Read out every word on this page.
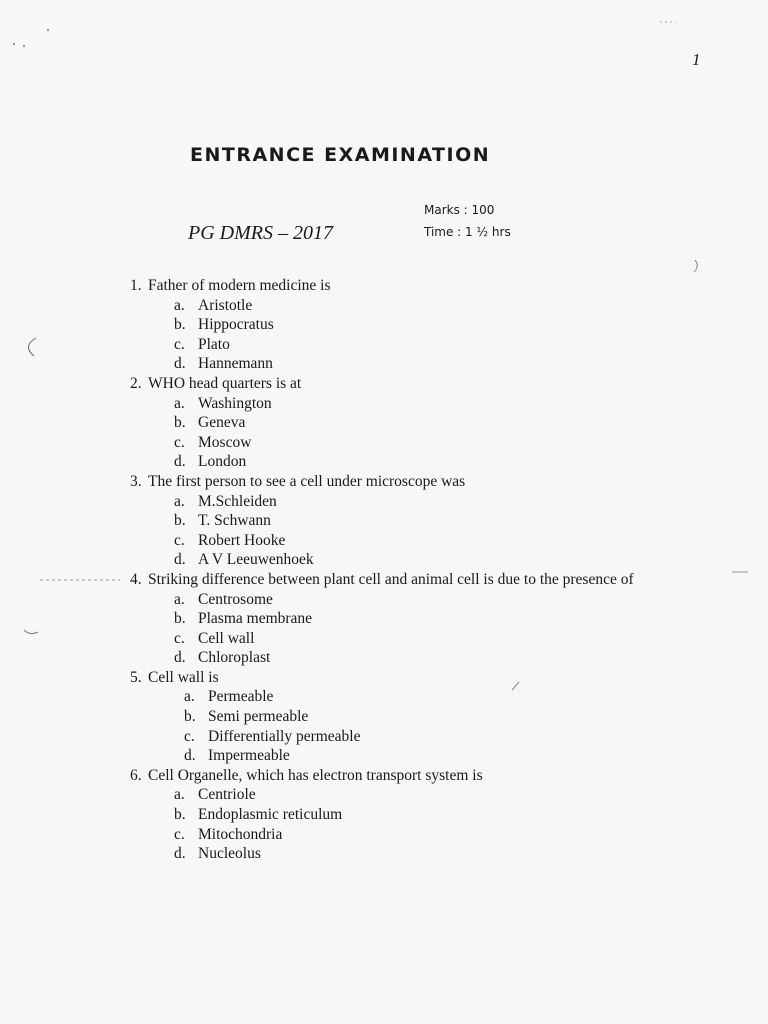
1
ENTRANCE EXAMINATION
PG DMRS – 2017
Marks : 100
Time : 1 ½ hrs
1. Father of modern medicine is
a. Aristotle
b. Hippocratus
c. Plato
d. Hannemann
2. WHO head quarters is at
a. Washington
b. Geneva
c. Moscow
d. London
3. The first person to see a cell under microscope was
a. M.Schleiden
b. T. Schwann
c. Robert Hooke
d. A V Leeuwenhoek
4. Striking difference between plant cell and animal cell is due to the presence of
a. Centrosome
b. Plasma membrane
c. Cell wall
d. Chloroplast
5. Cell wall is
a. Permeable
b. Semi permeable
c. Differentially permeable
d. Impermeable
6. Cell Organelle, which has electron transport system is
a. Centriole
b. Endoplasmic reticulum
c. Mitochondria
d. Nucleolus
